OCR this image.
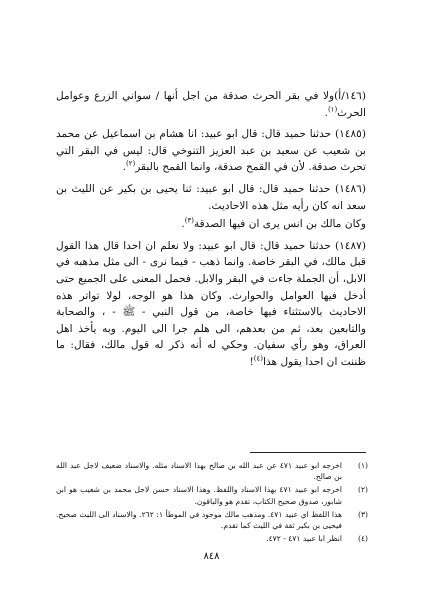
(١٤٦/أ)ولا في بقر الحرث صدقة من اجل أنها / سواني الزرع وعوامل الحرث$^{(١)}$.

(١٤٨٥) حدثنا حميد قال: قال ابو عبيد: انا هشام بن اسماعيل عن محمد بن شعيب عن سعيد بن عبد العزيز التنوخي قال: ليس في البقر التي تحرث صدقة. لأن في القمح صدقة، وانما القمح بالبقر$^{(٢)}$.

(١٤٨٦) حدثنا حميد قال: قال ابو عبيد: ثنا يحيى بن بكير عن الليث بن سعد انه كان رأيه مثل هذه الاحاديث.

وكان مالك بن انس يرى ان فيها الصدقة$^{(٣)}$.

(١٤٨٧) حدثنا حميد قال: قال ابو عبيد: ولا نعلم ان احدا قال هذا القول قبل مالك، في البقر خاصة. وانما ذهب - فيما نرى - الى مثل مذهبه في الابل، أن الجملة جاءت في البقر والابل. فحمل المعنى على الجميع حتى أدخل فيها العوامل والحوارث. وكان هذا هو الوجه، لولا تواتر هذه الاحاديث بالاستثناء فيها خاصة، من قول النبي - ﷺ - ، والصحابة والتابعين بعد، ثم من بعدهم، الى هلم جرا الى اليوم. وبه يأخذ اهل العراق، وهو رأي سفيان. وحكي له أنه ذكر له قول مالك، فقال: ما ظننت ان احدا يقول هذا$^{(٤)}$!

(١)
اخرجه ابو عبيد ٤٧١ عن عبد الله بن صالح بهذا الاسناد مثله. والاسناد ضعيف لاجل عبد الله بن صالح.
(٢)
اخرجه ابو عبيد ٤٧١ بهذا الاسناد واللفظ. وهذا الاسناد حسن لاجل محمد بن شعيب هو ابن شابور، صدوق صحيح الكتاب، تقدم هو والباقون.
(٣)
هذا اللفظ اي عبيد ٤٧١. ومذهب مالك موجود في الموطأ ١: ٢٦٢. والاسناد الى الليث صحيح. فيحيى بن بكير ثقة في الليث كما تقدم.
(٤)
انظر ابا عبيد ٤٧١ - ٤٧٢.
٨٤٨
